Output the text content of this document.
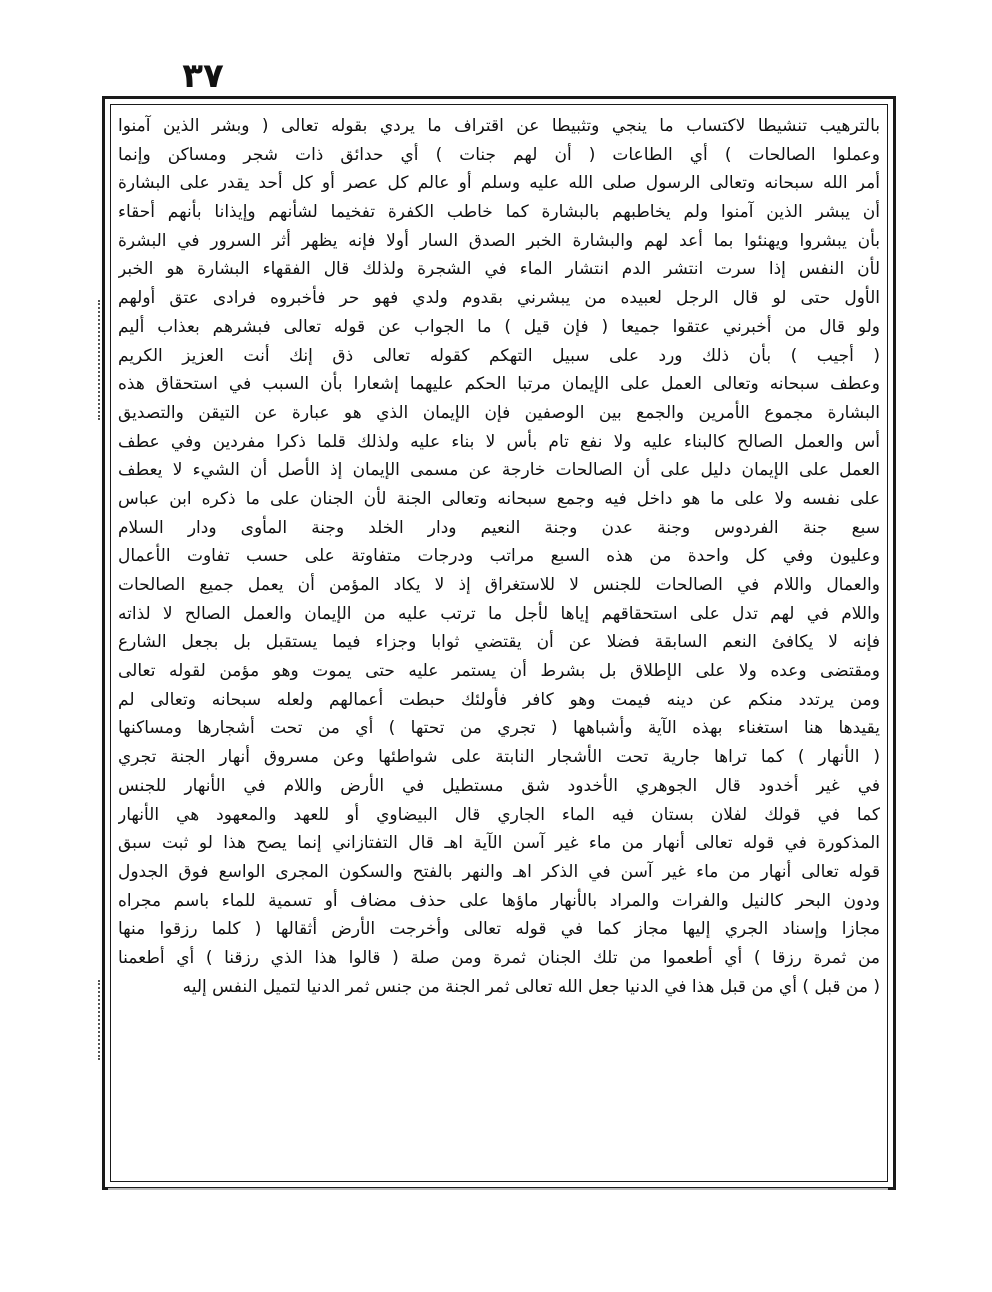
٣٧
بالترهيب تنشيطا لاكتساب ما ينجي وتثبيطا عن اقتراف ما يردي بقوله تعالى ( وبشر الذين آمنوا
وعملوا الصالحات ) أي الطاعات ( أن لهم جنات ) أي حدائق ذات شجر ومساكن وإنما
أمر الله سبحانه وتعالى الرسول صلى الله عليه وسلم أو عالم كل عصر أو كل أحد يقدر على البشارة
أن يبشر الذين آمنوا ولم يخاطبهم بالبشارة كما خاطب الكفرة تفخيما لشأنهم وإيذانا بأنهم أحقاء
بأن يبشروا ويهنئوا بما أعد لهم والبشارة الخبر الصدق السار أولا فإنه يظهر أثر السرور في البشرة
لأن النفس إذا سرت انتشر الدم انتشار الماء في الشجرة ولذلك قال الفقهاء البشارة هو الخبر
الأول حتى لو قال الرجل لعبيده من يبشرني بقدوم ولدي فهو حر فأخبروه فرادى عتق أولهم
ولو قال من أخبرني عتقوا جميعا ( فإن قيل ) ما الجواب عن قوله تعالى فبشرهم بعذاب أليم
( أجيب ) بأن ذلك ورد على سبيل التهكم كقوله تعالى ذق إنك أنت العزيز الكريم
وعطف سبحانه وتعالى العمل على الإيمان مرتبا الحكم عليهما إشعارا بأن السبب في استحقاق هذه
البشارة مجموع الأمرين والجمع بين الوصفين فإن الإيمان الذي هو عبارة عن التيقن والتصديق
أس والعمل الصالح كالبناء عليه ولا نفع تام بأس لا بناء عليه ولذلك قلما ذكرا مفردين وفي عطف
العمل على الإيمان دليل على أن الصالحات خارجة عن مسمى الإيمان إذ الأصل أن الشيء لا يعطف
على نفسه ولا على ما هو داخل فيه وجمع سبحانه وتعالى الجنة لأن الجنان على ما ذكره ابن عباس
سبع جنة الفردوس وجنة عدن وجنة النعيم ودار الخلد وجنة المأوى ودار السلام
وعليون وفي كل واحدة من هذه السبع مراتب ودرجات متفاوتة على حسب تفاوت الأعمال
والعمال واللام في الصالحات للجنس لا للاستغراق إذ لا يكاد المؤمن أن يعمل جميع الصالحات
واللام في لهم تدل على استحقاقهم إياها لأجل ما ترتب عليه من الإيمان والعمل الصالح لا لذاته
فإنه لا يكافئ النعم السابقة فضلا عن أن يقتضي ثوابا وجزاء فيما يستقبل بل بجعل الشارع
ومقتضى وعده ولا على الإطلاق بل بشرط أن يستمر عليه حتى يموت وهو مؤمن لقوله تعالى
ومن يرتدد منكم عن دينه فيمت وهو كافر فأولئك حبطت أعمالهم ولعله سبحانه وتعالى لم
يقيدها هنا استغناء بهذه الآية وأشباهها ( تجري من تحتها ) أي من تحت أشجارها ومساكنها
( الأنهار ) كما تراها جارية تحت الأشجار النابتة على شواطئها وعن مسروق أنهار الجنة تجري
في غير أخدود قال الجوهري الأخدود شق مستطيل في الأرض واللام في الأنهار للجنس
كما في قولك لفلان بستان فيه الماء الجاري قال البيضاوي أو للعهد والمعهود هي الأنهار
المذكورة في قوله تعالى أنهار من ماء غير آسن الآية اهـ قال التفتازاني إنما يصح هذا لو ثبت سبق
قوله تعالى أنهار من ماء غير آسن في الذكر اهـ والنهر بالفتح والسكون المجرى الواسع فوق الجدول
ودون البحر كالنيل والفرات والمراد بالأنهار ماؤها على حذف مضاف أو تسمية للماء باسم مجراه
مجازا وإسناد الجري إليها مجاز كما في قوله تعالى وأخرجت الأرض أثقالها ( كلما رزقوا منها
من ثمرة رزقا ) أي أطعموا من تلك الجنان ثمرة ومن صلة ( قالوا هذا الذي رزقنا ) أي أطعمنا
( من قبل ) أي من قبل هذا في الدنيا جعل الله تعالى ثمر الجنة من جنس ثمر الدنيا لتميل النفس إليه
